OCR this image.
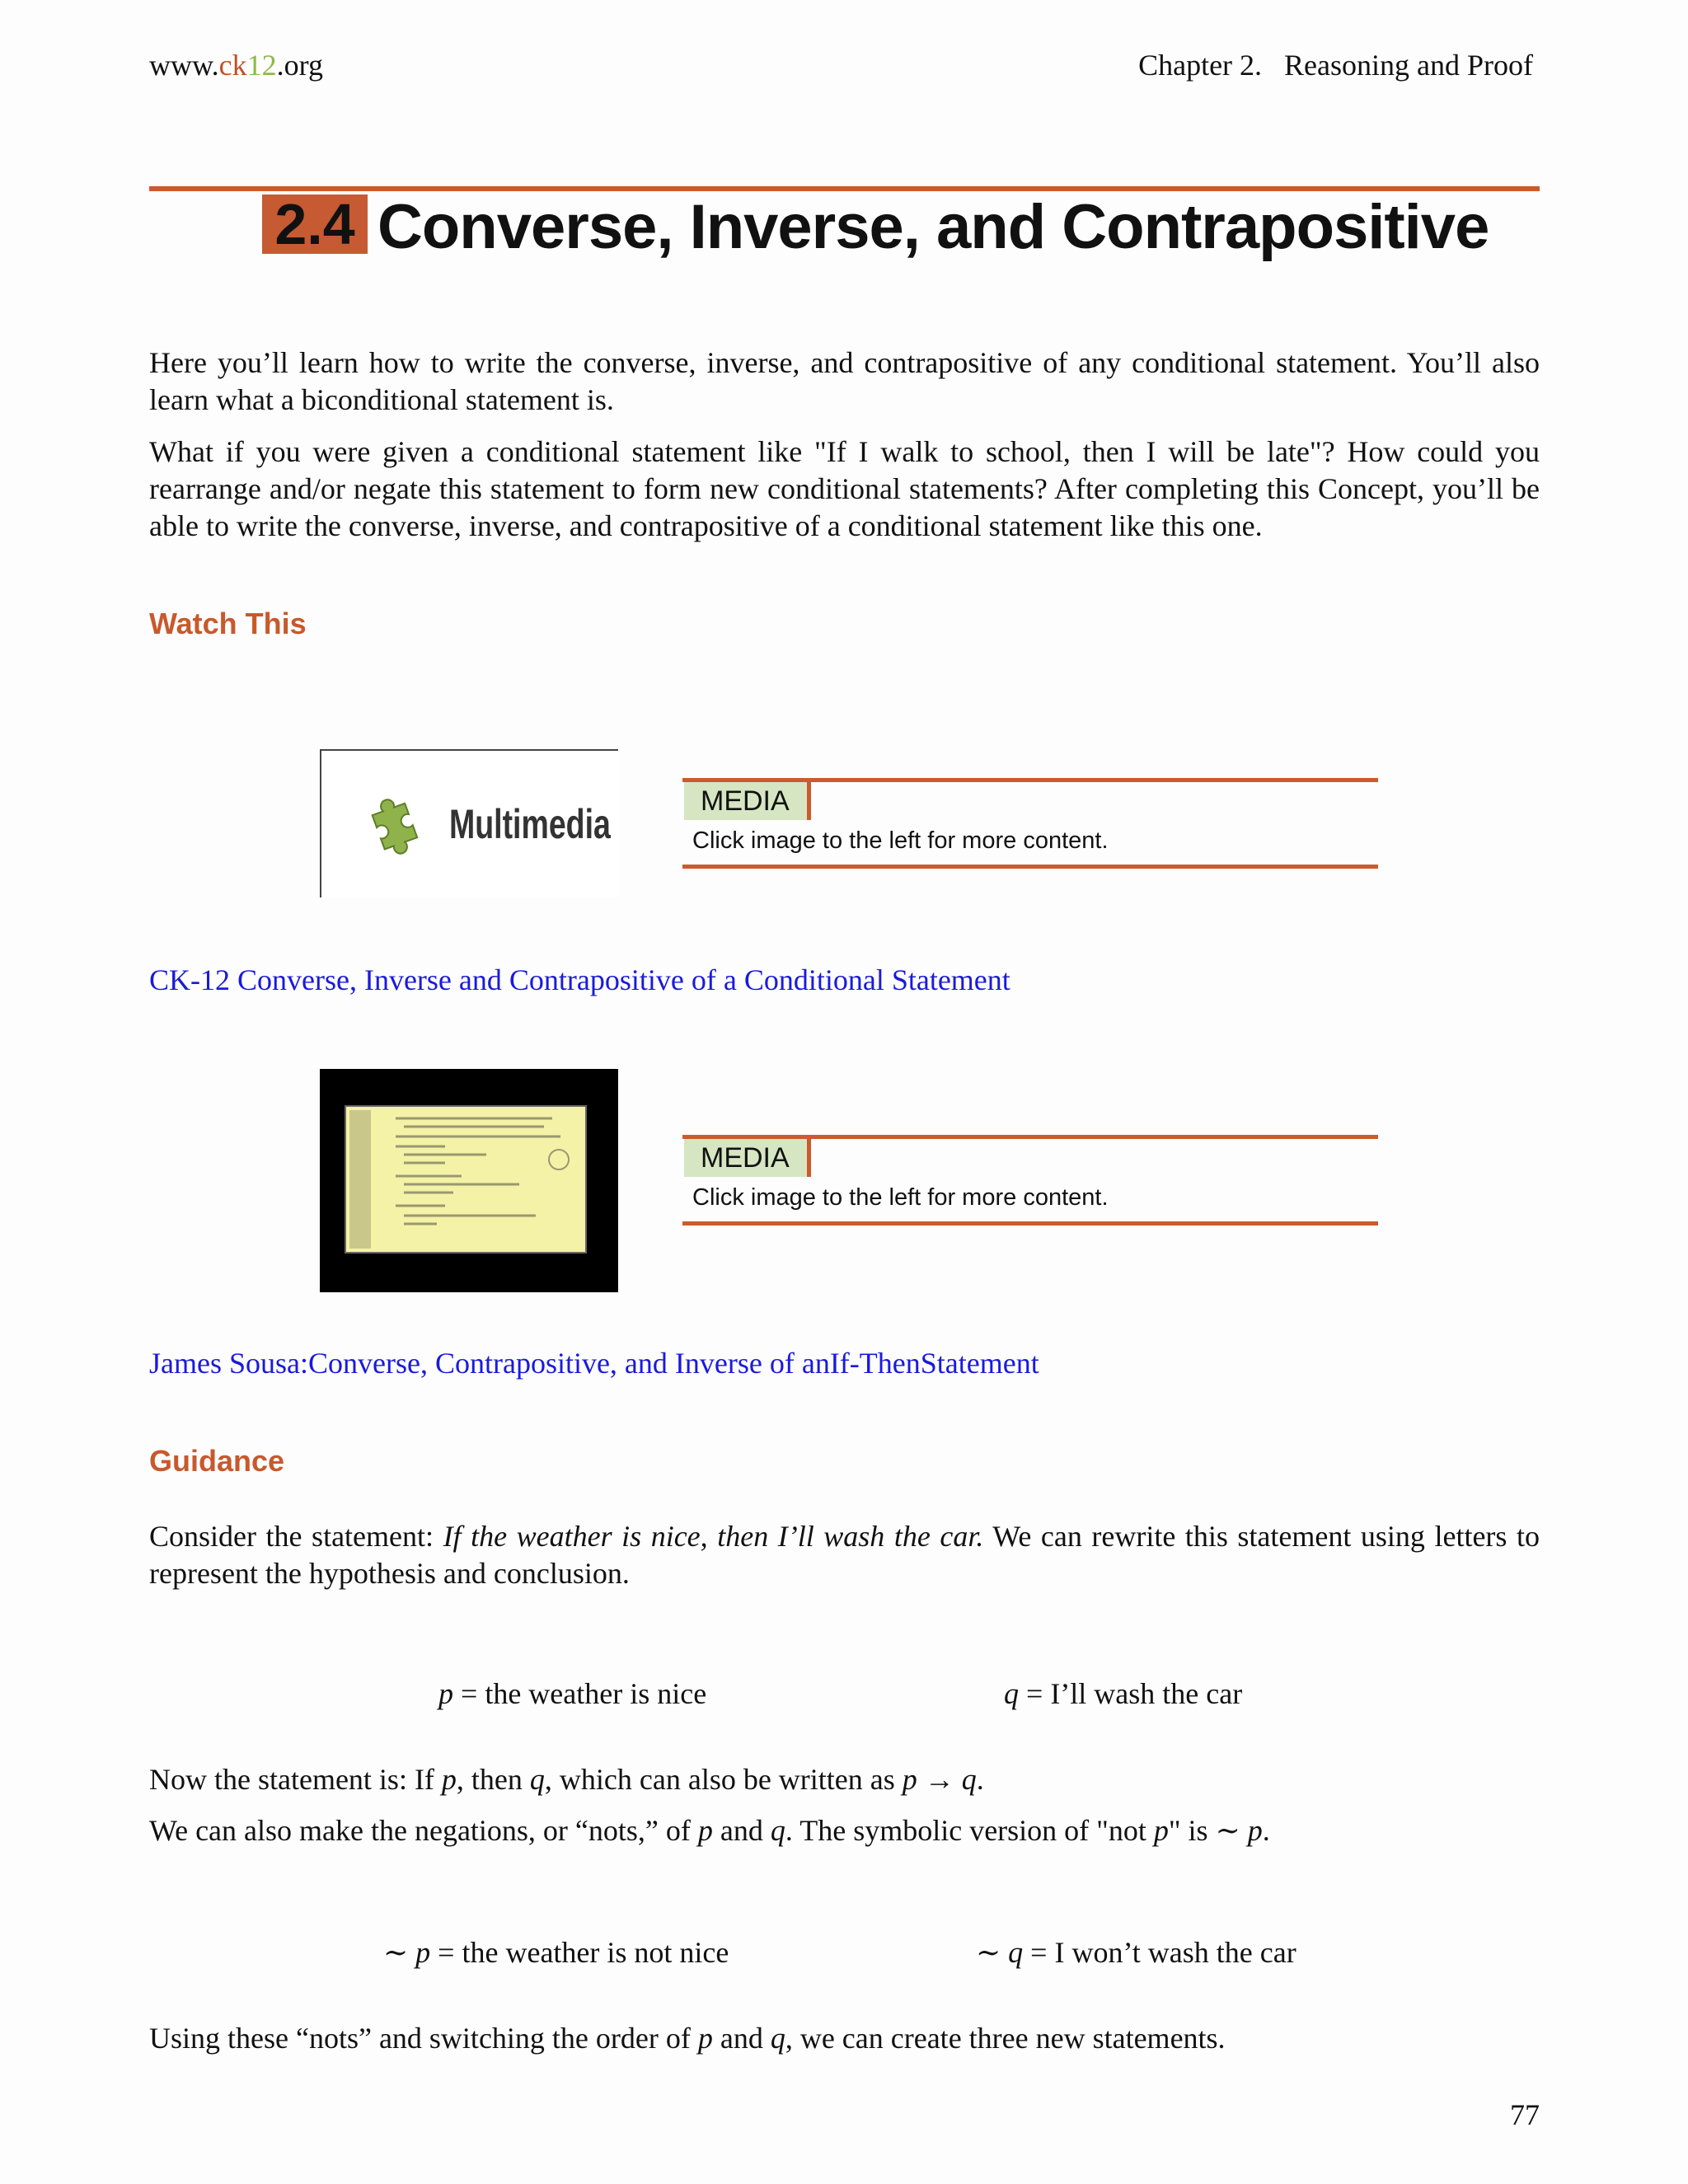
www.ck12.org	Chapter 2.   Reasoning and Proof
2.4 Converse, Inverse, and Contrapositive
Here you’ll learn how to write the converse, inverse, and contrapositive of any conditional statement. You’ll also learn what a biconditional statement is.
What if you were given a conditional statement like "If I walk to school, then I will be late"? How could you rearrange and/or negate this statement to form new conditional statements? After completing this Concept, you’ll be able to write the converse, inverse, and contrapositive of a conditional statement like this one.
Watch This
Multimedia	MEDIA
Click image to the left for more content.
CK-12 Converse, Inverse and Contrapositive of a Conditional Statement
MEDIA
Click image to the left for more content.
James Sousa:Converse, Contrapositive, and Inverse of anIf-ThenStatement
Guidance
Consider the statement: If the weather is nice, then I’ll wash the car. We can rewrite this statement using letters to represent the hypothesis and conclusion.
p = the weather is nice	q = I’ll wash the car
Now the statement is: If p, then q, which can also be written as p → q.
We can also make the negations, or “nots,” of p and q. The symbolic version of "not p" is ∼ p.
∼ p = the weather is not nice	∼ q = I won’t wash the car
Using these “nots” and switching the order of p and q, we can create three new statements.
77
